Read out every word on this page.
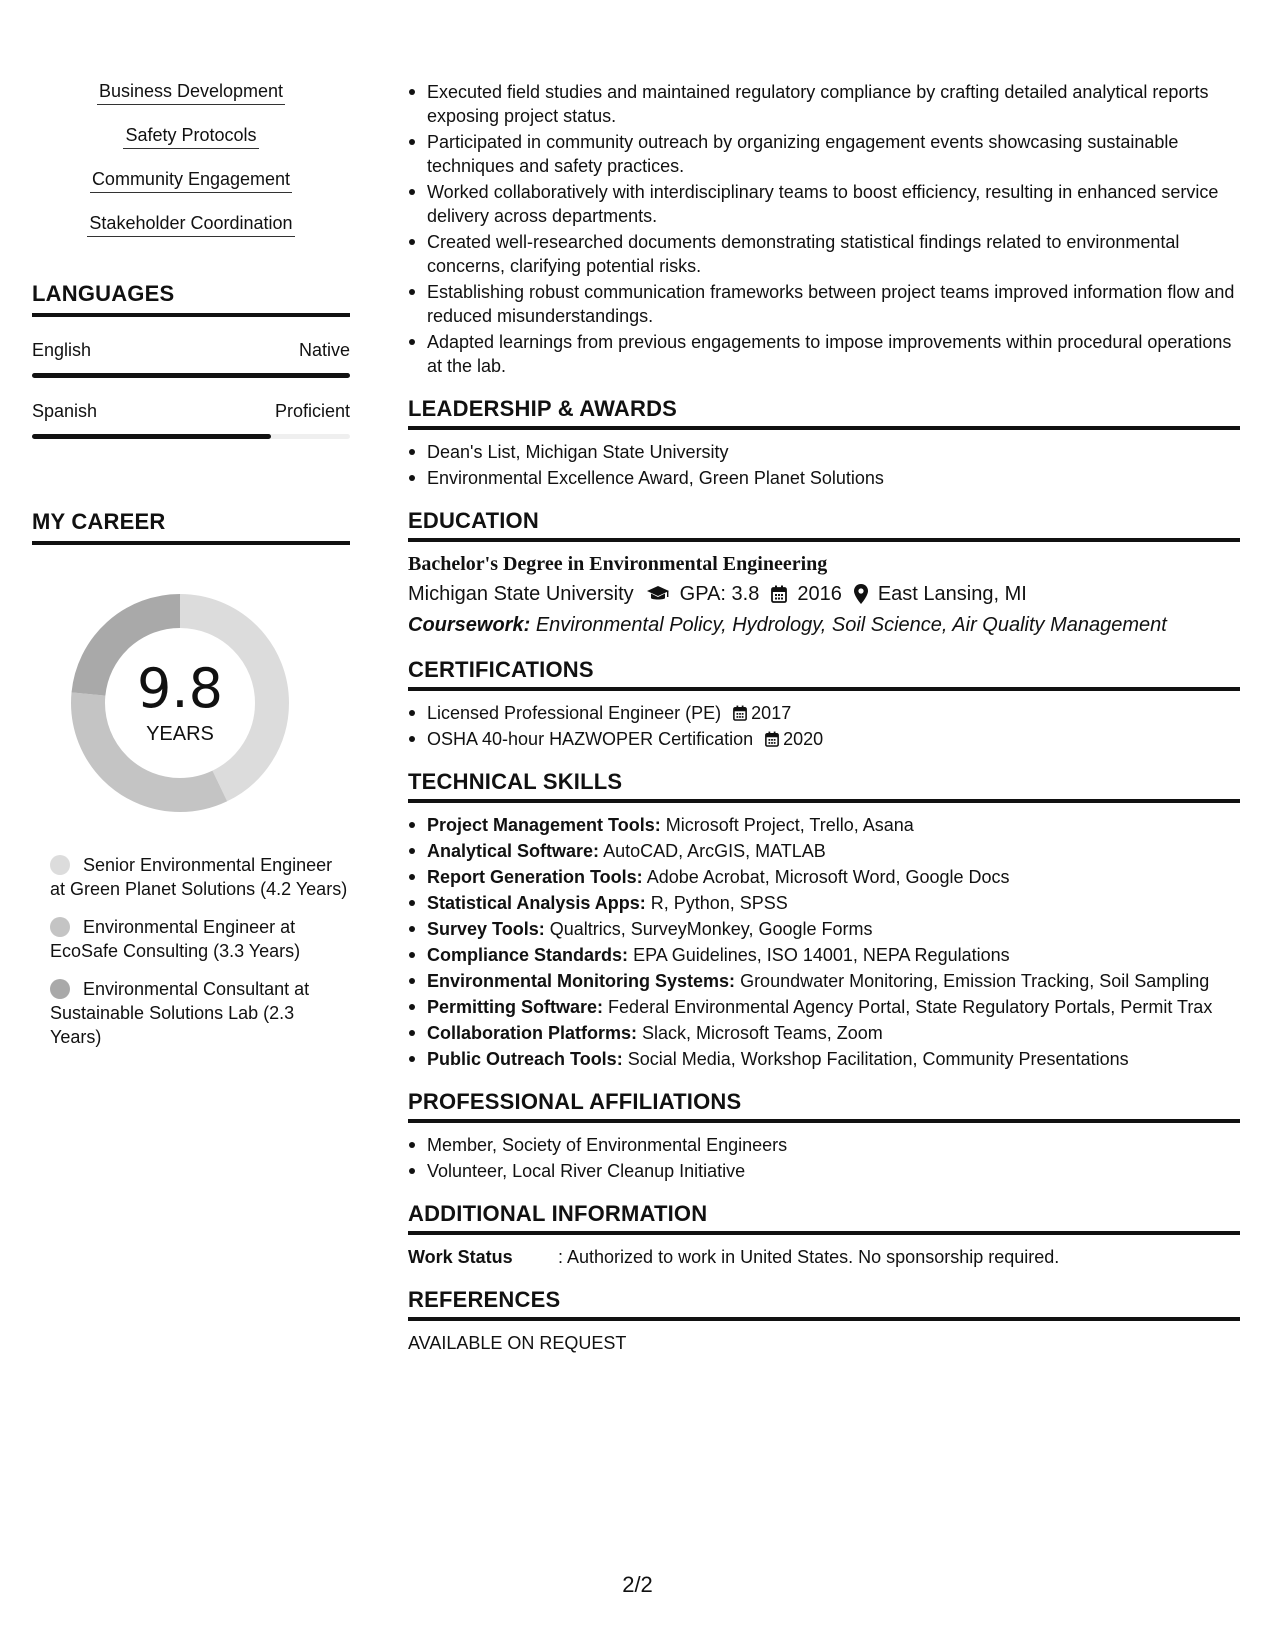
Business Development
Safety Protocols
Community Engagement
Stakeholder Coordination
LANGUAGES
English	Native
Spanish	Proficient
MY CAREER
9.8
YEARS
Senior Environmental Engineer at Green Planet Solutions (4.2 Years)
Environmental Engineer at EcoSafe Consulting (3.3 Years)
Environmental Consultant at Sustainable Solutions Lab (2.3 Years)
Executed field studies and maintained regulatory compliance by crafting detailed analytical reports exposing project status.
Participated in community outreach by organizing engagement events showcasing sustainable techniques and safety practices.
Worked collaboratively with interdisciplinary teams to boost efficiency, resulting in enhanced service delivery across departments.
Created well-researched documents demonstrating statistical findings related to environmental concerns, clarifying potential risks.
Establishing robust communication frameworks between project teams improved information flow and reduced misunderstandings.
Adapted learnings from previous engagements to impose improvements within procedural operations at the lab.
LEADERSHIP & AWARDS
Dean's List, Michigan State University
Environmental Excellence Award, Green Planet Solutions
EDUCATION
Bachelor's Degree in Environmental Engineering
Michigan State University GPA: 3.8 2016 East Lansing, MI
Coursework: Environmental Policy, Hydrology, Soil Science, Air Quality Management
CERTIFICATIONS
Licensed Professional Engineer (PE) 2017
OSHA 40-hour HAZWOPER Certification 2020
TECHNICAL SKILLS
Project Management Tools: Microsoft Project, Trello, Asana
Analytical Software: AutoCAD, ArcGIS, MATLAB
Report Generation Tools: Adobe Acrobat, Microsoft Word, Google Docs
Statistical Analysis Apps: R, Python, SPSS
Survey Tools: Qualtrics, SurveyMonkey, Google Forms
Compliance Standards: EPA Guidelines, ISO 14001, NEPA Regulations
Environmental Monitoring Systems: Groundwater Monitoring, Emission Tracking, Soil Sampling
Permitting Software: Federal Environmental Agency Portal, State Regulatory Portals, Permit Trax
Collaboration Platforms: Slack, Microsoft Teams, Zoom
Public Outreach Tools: Social Media, Workshop Facilitation, Community Presentations
PROFESSIONAL AFFILIATIONS
Member, Society of Environmental Engineers
Volunteer, Local River Cleanup Initiative
ADDITIONAL INFORMATION
Work Status	: Authorized to work in United States. No sponsorship required.
REFERENCES
AVAILABLE ON REQUEST
2/2
